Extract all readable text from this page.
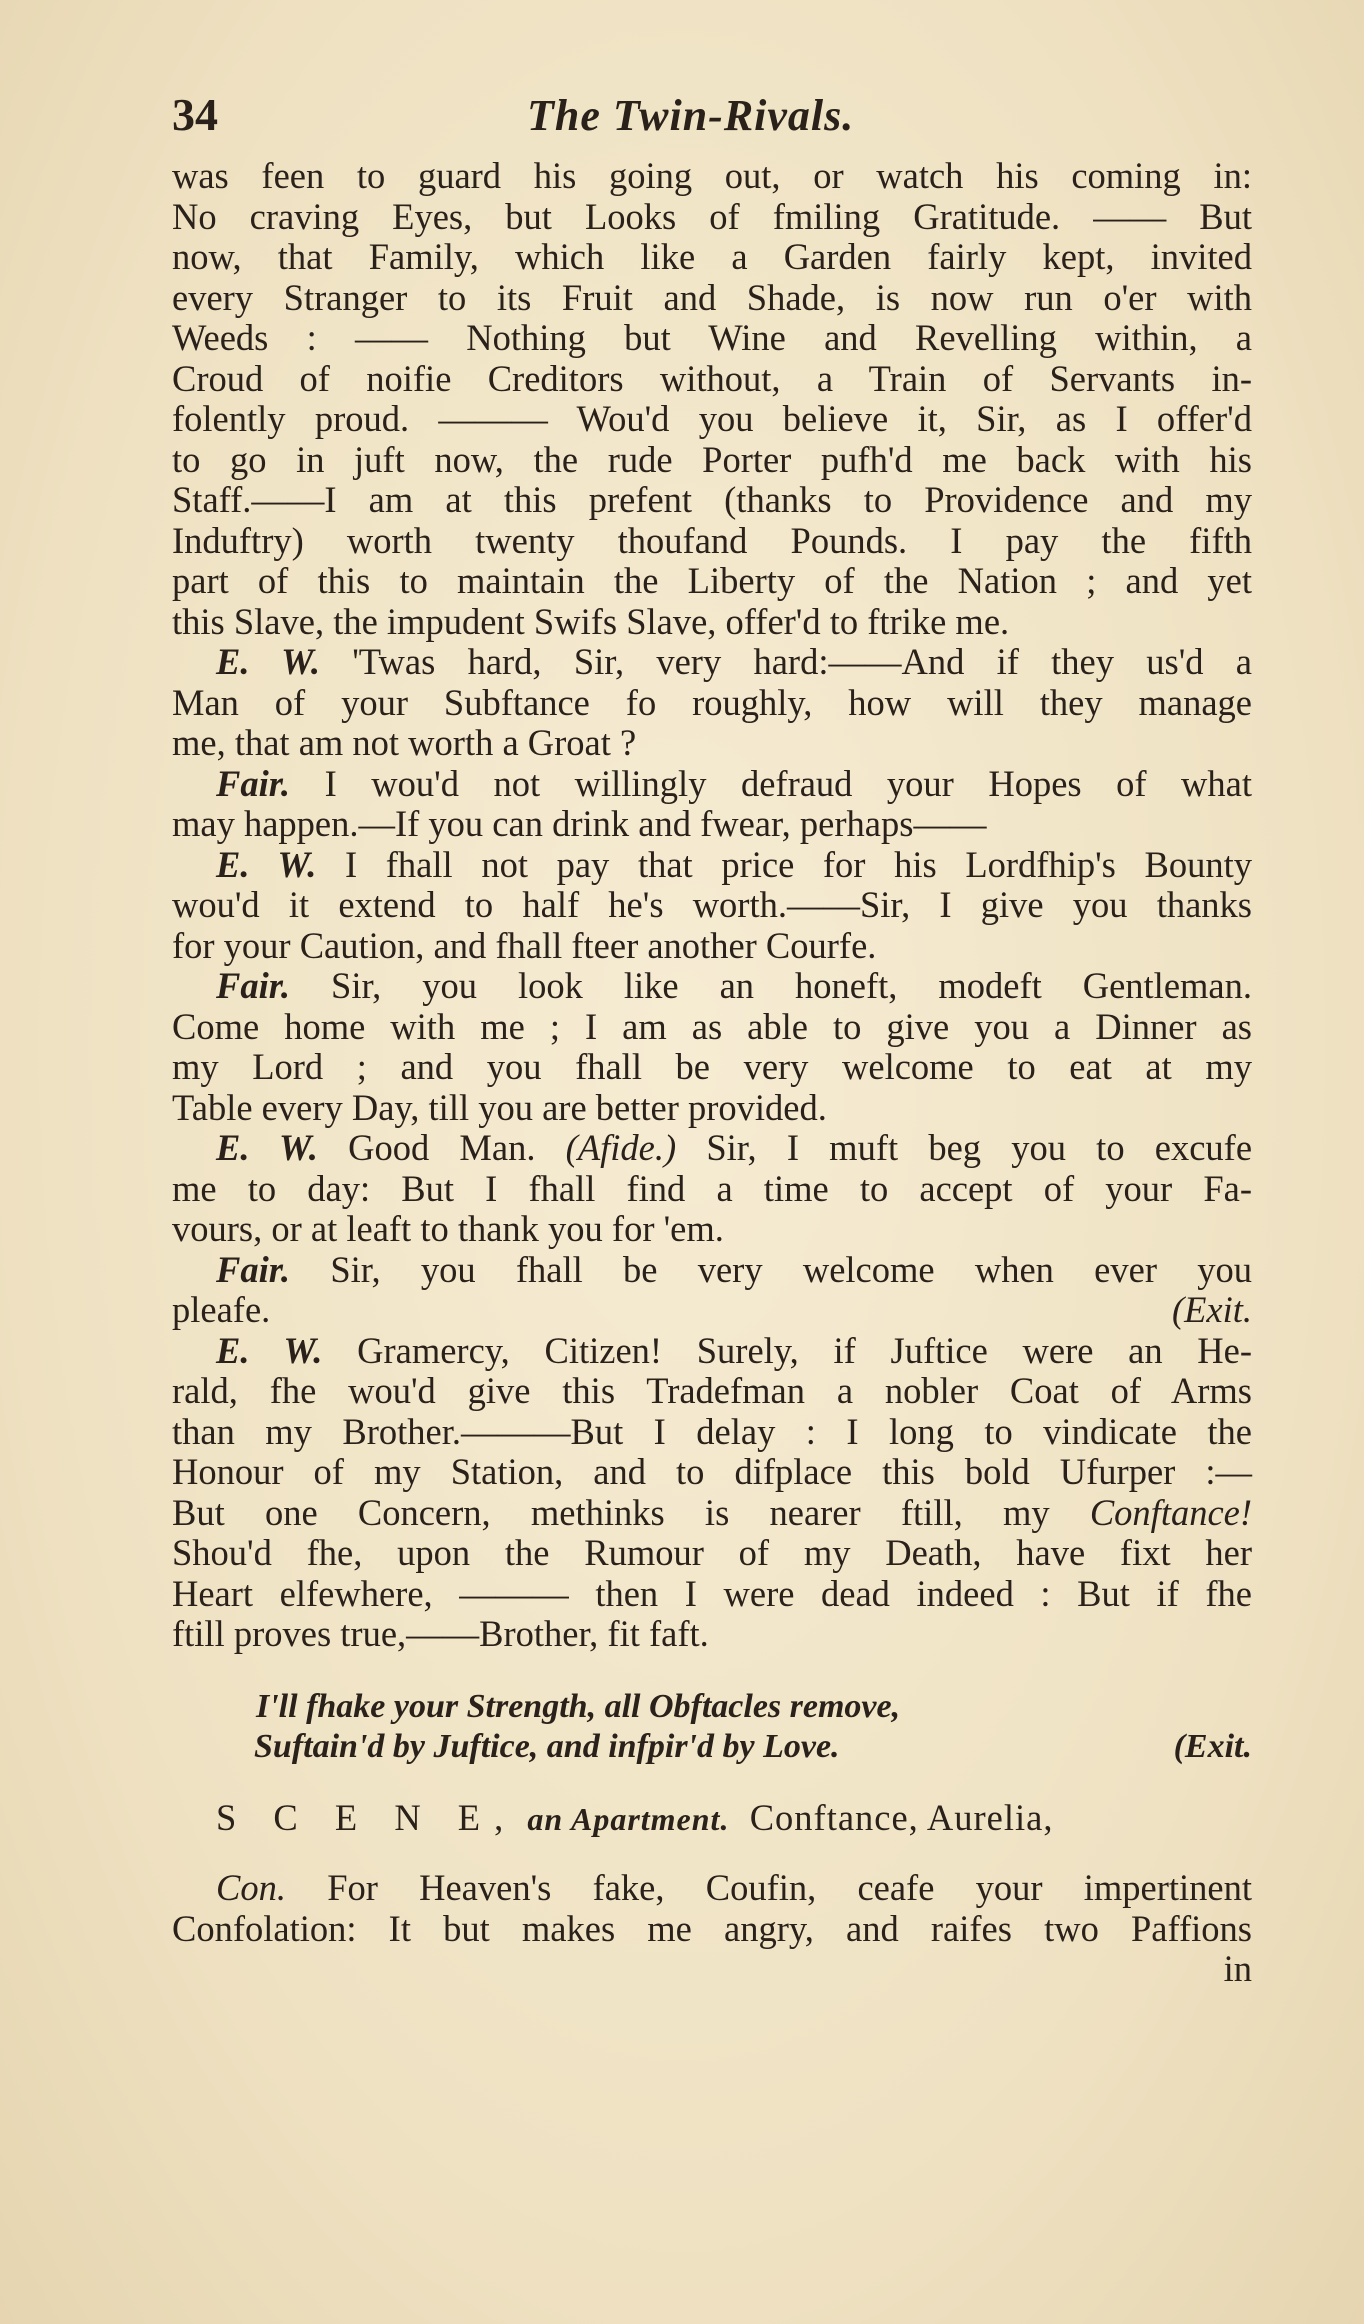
34	The Twin-Rivals.
was feen to guard his going out, or watch his coming in:
No craving Eyes, but Looks of fmiling Gratitude. —— But
now, that Family, which like a Garden fairly kept, invited
every Stranger to its Fruit and Shade, is now run o'er with
Weeds : —— Nothing but Wine and Revelling within, a
Croud of noifie Creditors without, a Train of Servants in-
folently proud. ——— Wou'd you believe it, Sir, as I offer'd
to go in juft now, the rude Porter pufh'd me back with his
Staff.——I am at this prefent (thanks to Providence and my
Induftry) worth twenty thoufand Pounds. I pay the fifth
part of this to maintain the Liberty of the Nation ; and yet
this Slave, the impudent Swifs Slave, offer'd to ftrike me.
E. W. 'Twas hard, Sir, very hard:——And if they us'd a
Man of your Subftance fo roughly, how will they manage
me, that am not worth a Groat ?
Fair. I wou'd not willingly defraud your Hopes of what
may happen.—If you can drink and fwear, perhaps——
E. W. I fhall not pay that price for his Lordfhip's Bounty
wou'd it extend to half he's worth.——Sir, I give you thanks
for your Caution, and fhall fteer another Courfe.
Fair. Sir, you look like an honeft, modeft Gentleman.
Come home with me ; I am as able to give you a Dinner as
my Lord ; and you fhall be very welcome to eat at my
Table every Day, till you are better provided.
E. W. Good Man. (Afide.) Sir, I muft beg you to excufe
me to day: But I fhall find a time to accept of your Fa-
vours, or at leaft to thank you for 'em.
Fair. Sir, you fhall be very welcome when ever you
pleafe.	(Exit.
E. W. Gramercy, Citizen! Surely, if Juftice were an He-
rald, fhe wou'd give this Tradefman a nobler Coat of Arms
than my Brother.———But I delay : I long to vindicate the
Honour of my Station, and to difplace this bold Ufurper :—
But one Concern, methinks is nearer ftill, my Conftance!
Shou'd fhe, upon the Rumour of my Death, have fixt her
Heart elfewhere, ——— then I were dead indeed : But if fhe
ftill proves true,——Brother, fit faft.
I'll fhake your Strength, all Obftacles remove,
Suftain'd by Juftice, and infpir'd by Love.	(Exit.
S C E N E, an Apartment. Conftance, Aurelia,
Con. For Heaven's fake, Coufin, ceafe your impertinent
Confolation: It but makes me angry, and raifes two Paffions
in
